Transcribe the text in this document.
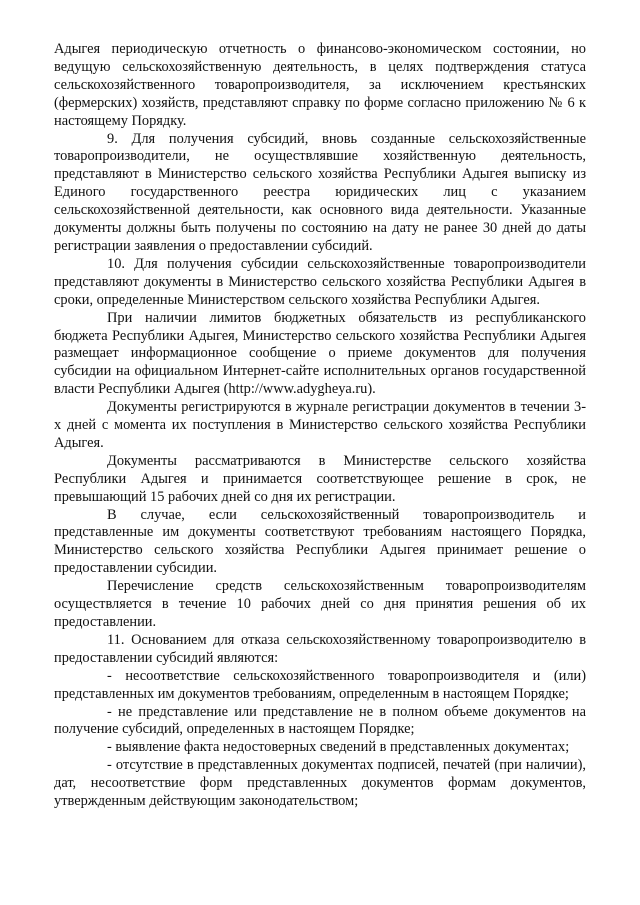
Адыгея периодическую отчетность о финансово-экономическом состоянии, но ведущую сельскохозяйственную деятельность, в целях подтверждения статуса сельскохозяйственного товаропроизводителя, за исключением крестьянских (фермерских) хозяйств, представляют справку по форме согласно приложению № 6 к настоящему Порядку.

9. Для получения субсидий, вновь созданные сельскохозяйственные товаропроизводители, не осуществлявшие хозяйственную деятельность, представляют в Министерство сельского хозяйства Республики Адыгея выписку из Единого государственного реестра юридических лиц с указанием сельскохозяйственной деятельности, как основного вида деятельности. Указанные документы должны быть получены по состоянию на дату не ранее 30 дней до даты регистрации заявления о предоставлении субсидий.

10. Для получения субсидии сельскохозяйственные товаропроизводители представляют документы в Министерство сельского хозяйства Республики Адыгея в сроки, определенные Министерством сельского хозяйства Республики Адыгея.

При наличии лимитов бюджетных обязательств из республиканского бюджета Республики Адыгея, Министерство сельского хозяйства Республики Адыгея размещает информационное сообщение о приеме документов для получения субсидии на официальном Интернет-сайте исполнительных органов государственной власти Республики Адыгея (http://www.adygheya.ru).

Документы регистрируются в журнале регистрации документов в течении 3-х дней с момента их поступления в Министерство сельского хозяйства Республики Адыгея.

Документы рассматриваются в Министерстве сельского хозяйства Республики Адыгея и принимается соответствующее решение в срок, не превышающий 15 рабочих дней со дня их регистрации.

В случае, если сельскохозяйственный товаропроизводитель и представленные им документы соответствуют требованиям настоящего Порядка, Министерство сельского хозяйства Республики Адыгея принимает решение о предоставлении субсидии.

Перечисление средств сельскохозяйственным товаропроизводителям осуществляется в течение 10 рабочих дней со дня принятия решения об их предоставлении.

11. Основанием для отказа сельскохозяйственному товаропроизводителю в предоставлении субсидий являются:

- несоответствие сельскохозяйственного товаропроизводителя и (или) представленных им документов требованиям, определенным в настоящем Порядке;

- не представление или представление не в полном объеме документов на получение субсидий, определенных в настоящем Порядке;

- выявление факта недостоверных сведений в представленных документах;

- отсутствие в представленных документах подписей, печатей (при наличии), дат, несоответствие форм представленных документов формам документов, утвержденным действующим законодательством;
